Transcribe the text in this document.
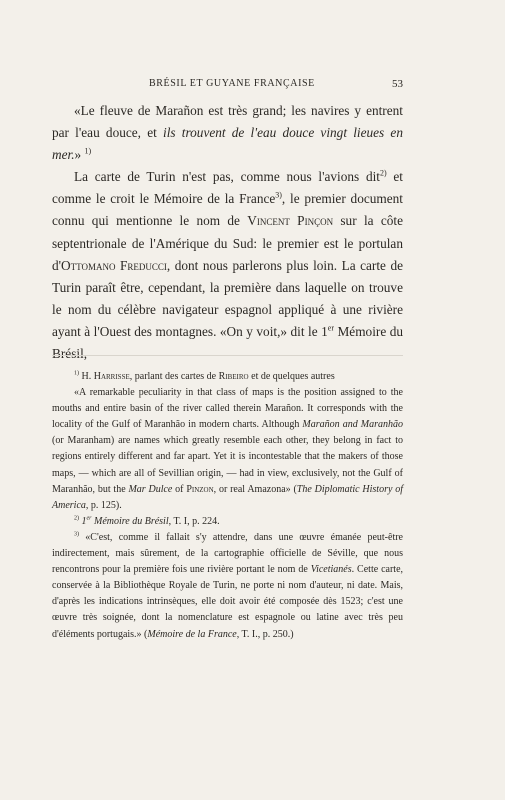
BRÉSIL ET GUYANE FRANÇAISE	53

«Le fleuve de Marañon est très grand; les navires y entrent par l'eau douce, et ils trouvent de l'eau douce vingt lieues en mer.» $^{1)}$

La carte de Turin n'est pas, comme nous l'avions dit$^{2)}$ et comme le croit le Mémoire de la France$^{3)}$, le premier document connu qui mentionne le nom de Vincent Pinçon sur la côte septentrionale de l'Amérique du Sud: le premier est le portulan d'Ottomano Freducci, dont nous parlerons plus loin. La carte de Turin paraît être, cependant, la première dans laquelle on trouve le nom du célèbre navigateur espagnol appliqué à une rivière ayant à l'Ouest des montagnes. «On y voit,» dit le 1er Mémoire du Brésil,

$^{1)}$ H. Harrisse, parlant des cartes de Ribeiro et de quelques autres

«A remarkable peculiarity in that class of maps is the position assigned to the mouths and entire basin of the river called therein Marañon. It corresponds with the locality of the Gulf of Maranhão in modern charts. Although Marañon and Maranhão (or Maranham) are names which greatly resemble each other, they belong in fact to regions entirely different and far apart. Yet it is incontestable that the makers of those maps, — which are all of Sevillian origin, — had in view, exclusively, not the Gulf of Maranhão, but the Mar Dulce of Pinzon, or real Amazona» (The Diplomatic History of America, p. 125).

$^{2)}$ 1er Mémoire du Brésil, T. I, p. 224.

$^{3)}$ «C'est, comme il fallait s'y attendre, dans une œuvre émanée peut-être indirectement, mais sûrement, de la cartographie officielle de Séville, que nous rencontrons pour la première fois une rivière portant le nom de Vicetianés. Cette carte, conservée à la Bibliothèque Royale de Turin, ne porte ni nom d'auteur, ni date. Mais, d'après les indications intrinsèques, elle doit avoir été composée dès 1523; c'est une œuvre très soignée, dont la nomenclature est espagnole ou latine avec très peu d'éléments portugais.» (Mémoire de la France, T. I., p. 250.)
